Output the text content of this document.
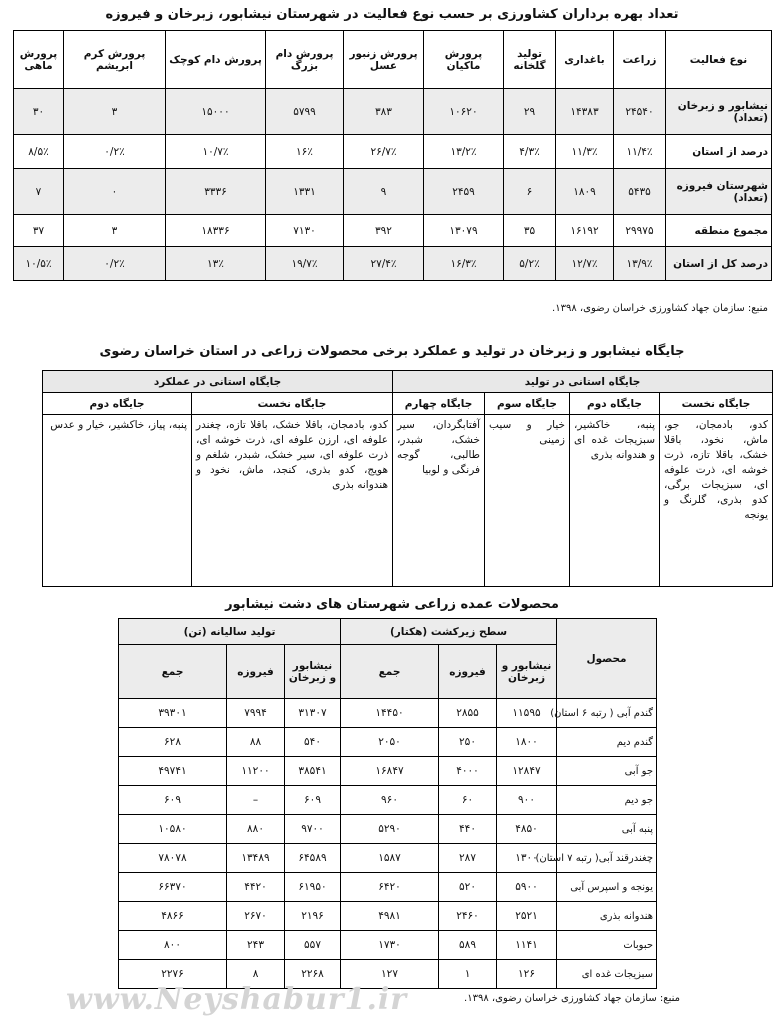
تعداد بهره برداران کشاورزی بر حسب نوع فعالیت در شهرستان نیشابور، زبرخان و فیروزه
نوع فعالیت	زراعت	باغداری	تولید گلخانه	پرورش ماکیان	پرورش زنبور عسل	پرورش دام بزرگ	پرورش دام کوچک	پرورش کرم ابریشم	پرورش ماهی
نیشابور و زبرخان (تعداد)	۲۴۵۴۰	۱۴۳۸۳	۲۹	۱۰۶۲۰	۳۸۳	۵۷۹۹	۱۵۰۰۰	۳	۳۰
درصد از استان	۱۱/۴٪	۱۱/۳٪	۴/۳٪	۱۳/۲٪	۲۶/۷٪	۱۶٪	۱۰/۷٪	۰/۲٪	۸/۵٪
شهرستان فیروزه (تعداد)	۵۴۳۵	۱۸۰۹	۶	۲۴۵۹	۹	۱۳۳۱	۳۳۳۶	۰	۷
مجموع منطقه	۲۹۹۷۵	۱۶۱۹۲	۳۵	۱۳۰۷۹	۳۹۲	۷۱۳۰	۱۸۳۳۶	۳	۳۷
درصد کل از استان	۱۳/۹٪	۱۲/۷٪	۵/۲٪	۱۶/۳٪	۲۷/۴٪	۱۹/۷٪	۱۳٪	۰/۲٪	۱۰/۵٪
منبع: سازمان جهاد کشاورزی خراسان رضوی، ۱۳۹۸.
جایگاه نیشابور و زبرخان در تولید و عملکرد برخی محصولات زراعی در استان خراسان رضوی
جایگاه استانی در تولید				جایگاه استانی در عملکرد	
جایگاه نخست	جایگاه دوم	جایگاه سوم	جایگاه چهارم	جایگاه نخست	جایگاه دوم
کدو، بادمجان، جو، ماش، نخود، باقلا خشک، باقلا تازه، ذرت خوشه ای، ذرت علوفه ای، سبزیجات برگی، کدو بذری، گلرنگ و یونجه	پنبه، خاکشیر، سبزیجات غده ای و هندوانه بذری	خیار و سیب زمینی	آفتابگردان، سیر خشک، شبدر، طالبی، گوجه فرنگی و لوبیا	کدو، بادمجان، باقلا خشک، باقلا تازه، چغندر علوفه ای، ارزن علوفه ای، ذرت خوشه ای، ذرت علوفه ای، سیر خشک، شبدر، شلغم و هویج، کدو بذری، کنجد، ماش، نخود و هندوانه بذری	پنبه، پیاز، خاکشیر، خیار و عدس
محصولات عمده زراعی شهرستان های دشت نیشابور
محصول	سطح زیرکشت (هکتار)			تولید سالیانه (تن)		
	نیشابور و زبرخان	فیروزه	جمع	نیشابور و زبرخان	فیروزه	جمع
گندم آبی ( رتبه ۶ استان)	۱۱۵۹۵	۲۸۵۵	۱۴۴۵۰	۳۱۳۰۷	۷۹۹۴	۳۹۳۰۱
گندم دیم	۱۸۰۰	۲۵۰	۲۰۵۰	۵۴۰	۸۸	۶۲۸
جو آبی	۱۲۸۴۷	۴۰۰۰	۱۶۸۴۷	۳۸۵۴۱	۱۱۲۰۰	۴۹۷۴۱
جو دیم	۹۰۰	۶۰	۹۶۰	۶۰۹	–	۶۰۹
پنبه آبی	۴۸۵۰	۴۴۰	۵۲۹۰	۹۷۰۰	۸۸۰	۱۰۵۸۰
چغندرقند آبی( رتبه ۷ استان)	۱۳۰۰	۲۸۷	۱۵۸۷	۶۴۵۸۹	۱۳۴۸۹	۷۸۰۷۸
یونجه و اسپرس آبی	۵۹۰۰	۵۲۰	۶۴۲۰	۶۱۹۵۰	۴۴۲۰	۶۶۳۷۰
هندوانه بذری	۲۵۲۱	۲۴۶۰	۴۹۸۱	۲۱۹۶	۲۶۷۰	۴۸۶۶
حبوبات	۱۱۴۱	۵۸۹	۱۷۳۰	۵۵۷	۲۴۳	۸۰۰
سبزیجات غده ای	۱۲۶	۱	۱۲۷	۲۲۶۸	۸	۲۲۷۶
منبع: سازمان جهاد کشاورزی خراسان رضوی، ۱۳۹۸.
www.Neyshabur1.ir
